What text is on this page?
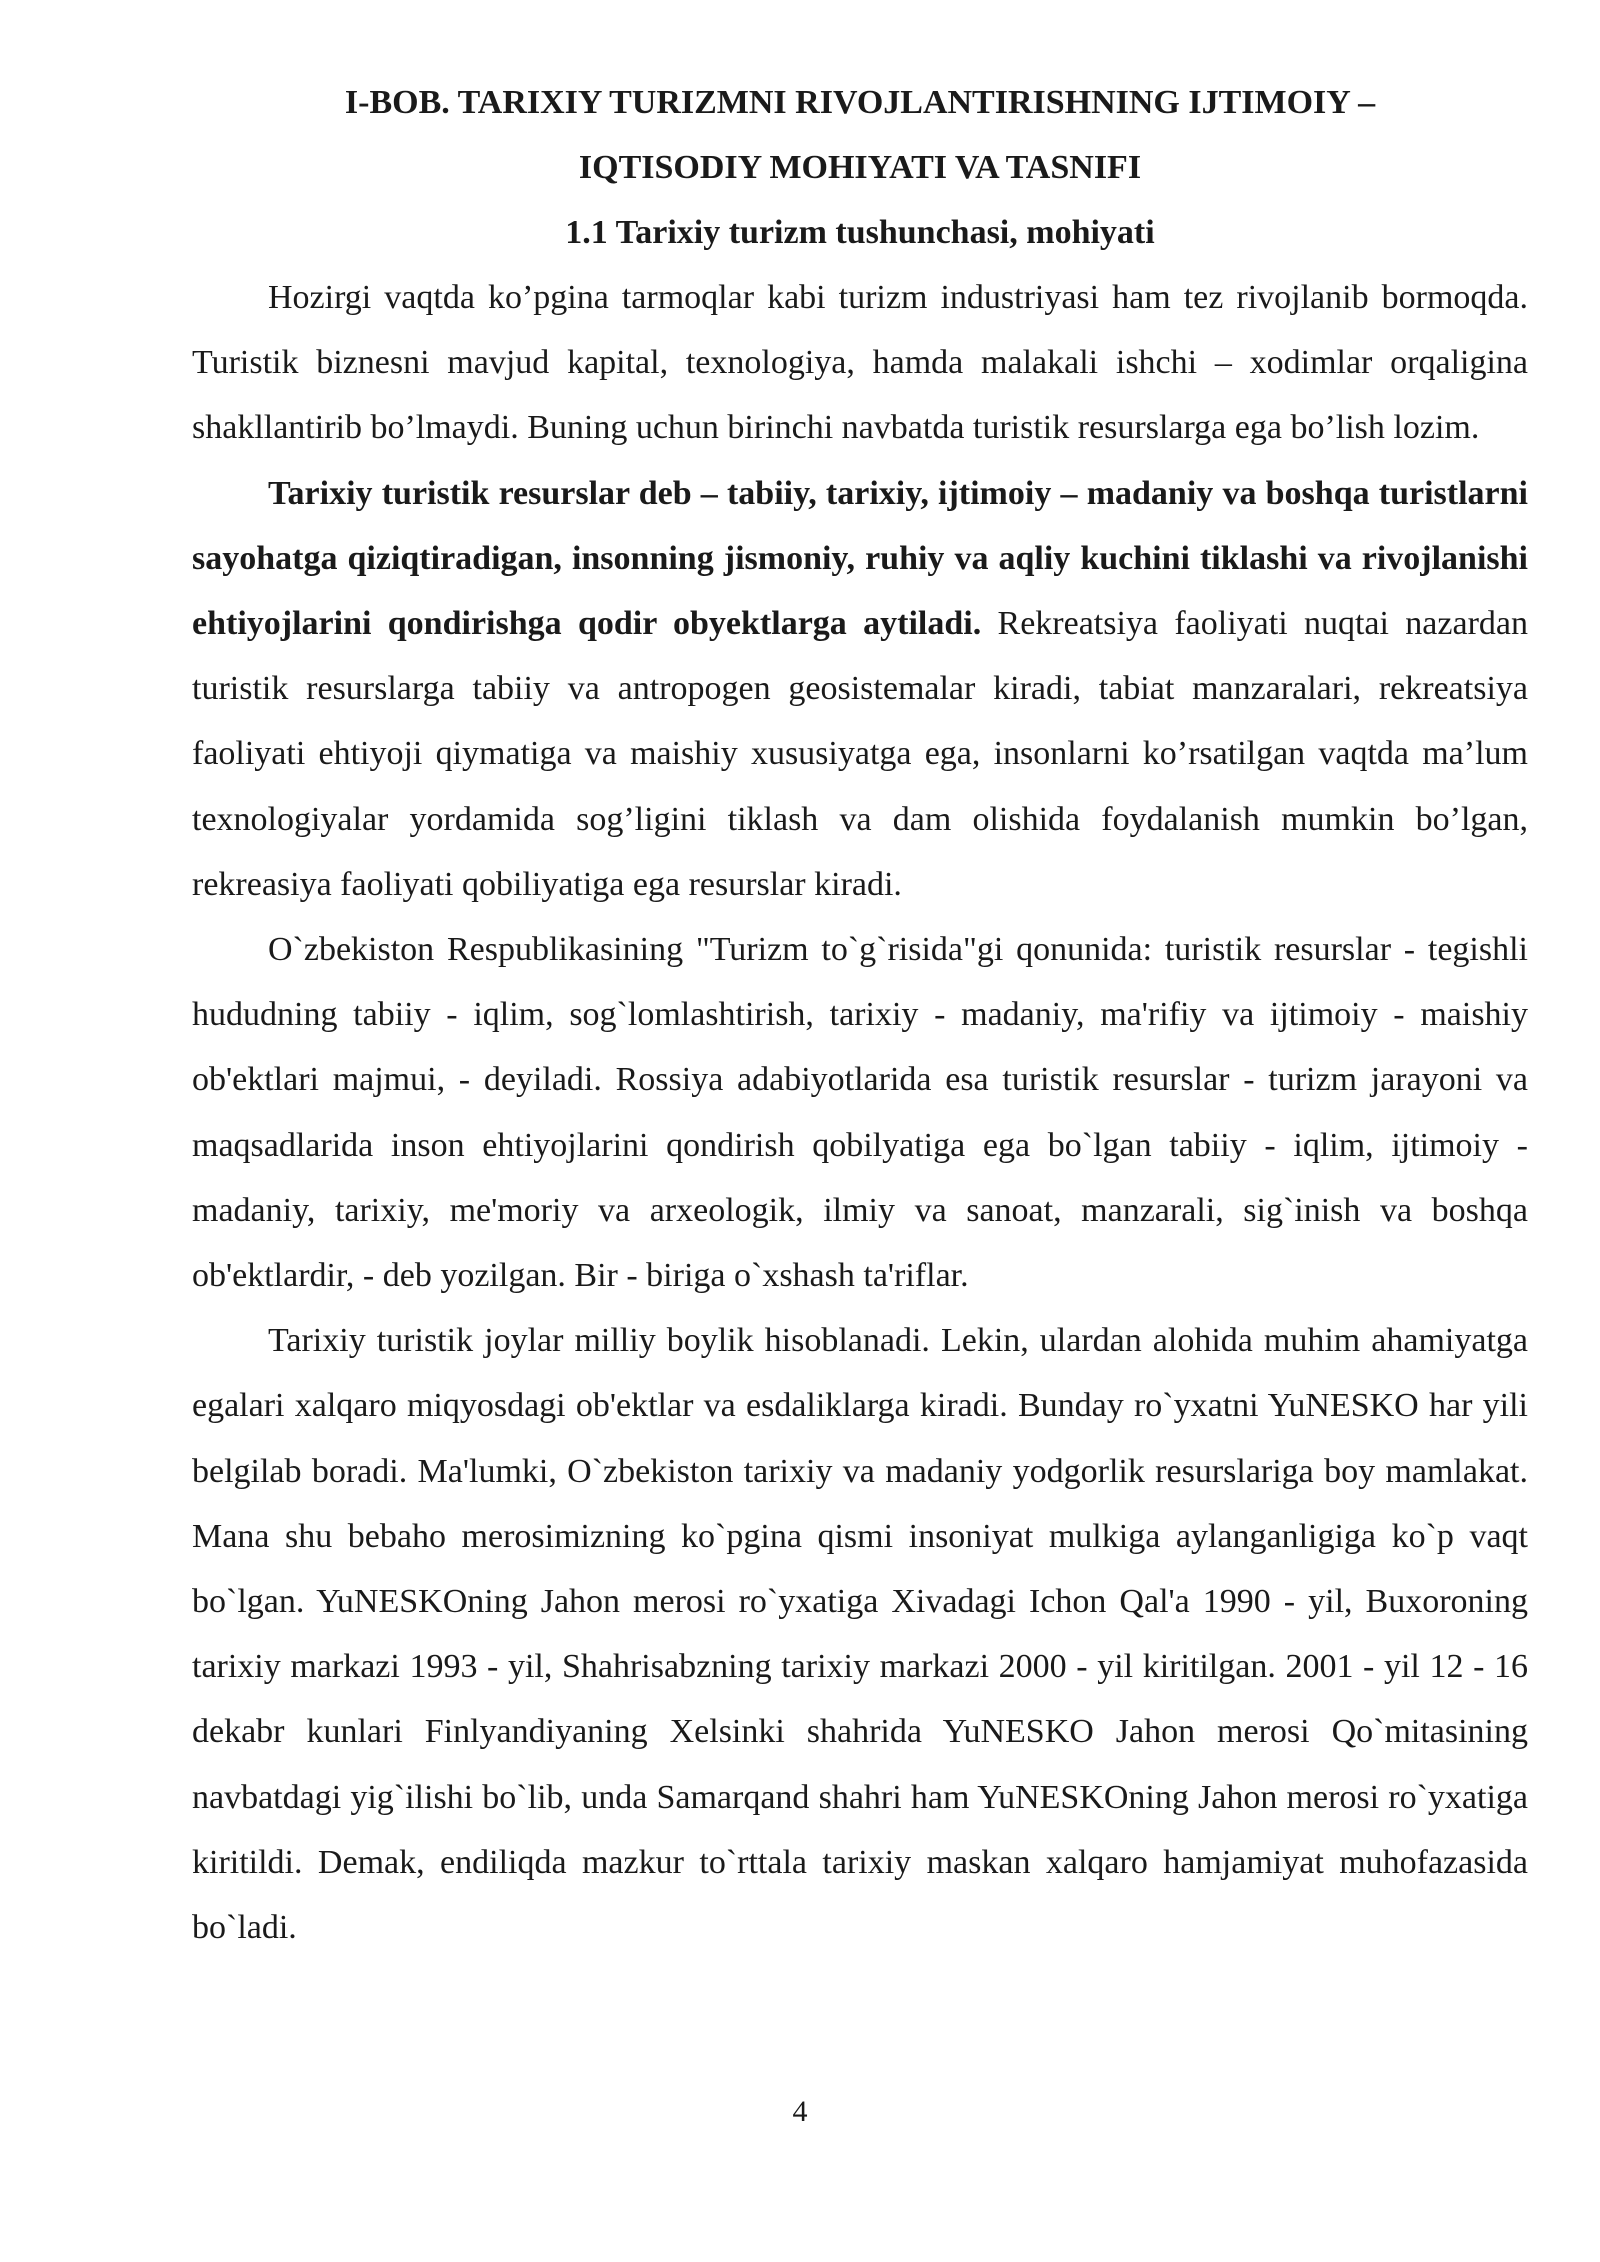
I-BOB. TARIXIY TURIZMNI RIVOJLANTIRISHNING IJTIMOIY –

IQTISODIY MOHIYATI VA TASNIFI

1.1 Tarixiy turizm tushunchasi, mohiyati

Hozirgi vaqtda ko’pgina tarmoqlar kabi turizm industriyasi ham tez rivojlanib bormoqda. Turistik biznesni mavjud kapital, texnologiya, hamda malakali ishchi – xodimlar orqaligina shakllantirib bo’lmaydi. Buning uchun birinchi navbatda turistik resurslarga ega bo’lish lozim.

Tarixiy turistik resurslar deb – tabiiy, tarixiy, ijtimoiy – madaniy va boshqa turistlarni sayohatga qiziqtiradigan, insonning jismoniy, ruhiy va aqliy kuchini tiklashi va rivojlanishi ehtiyojlarini qondirishga qodir obyektlarga aytiladi. Rekreatsiya faoliyati nuqtai nazardan turistik resurslarga tabiiy va antropogen geosistemalar kiradi, tabiat manzaralari, rekreatsiya faoliyati ehtiyoji qiymatiga va maishiy xususiyatga ega, insonlarni ko’rsatilgan vaqtda ma’lum texnologiyalar yordamida sog’ligini tiklash va dam olishida foydalanish mumkin bo’lgan, rekreasiya faoliyati qobiliyatiga ega resurslar kiradi.

O`zbekiston Respublikasining "Turizm to`g`risida"gi qonunida: turistik resurslar - tegishli hududning tabiiy - iqlim, sog`lomlashtirish, tarixiy - madaniy, ma'rifiy va ijtimoiy - maishiy ob'ektlari majmui, - deyiladi. Rossiya adabiyotlarida esa turistik resurslar - turizm jarayoni va maqsadlarida inson ehtiyojlarini qondirish qobilyatiga ega bo`lgan tabiiy - iqlim, ijtimoiy - madaniy, tarixiy, me'moriy va arxeologik, ilmiy va sanoat, manzarali, sig`inish va boshqa ob'ektlardir, - deb yozilgan. Bir - biriga o`xshash ta'riflar.

Tarixiy turistik joylar milliy boylik hisoblanadi. Lekin, ulardan alohida muhim ahamiyatga egalari xalqaro miqyosdagi ob'ektlar va esdaliklarga kiradi. Bunday ro`yxatni YuNESKO har yili belgilab boradi. Ma'lumki, O`zbekiston tarixiy va madaniy yodgorlik resurslariga boy mamlakat. Mana shu bebaho merosimizning ko`pgina qismi insoniyat mulkiga aylanganligiga ko`p vaqt bo`lgan. YuNESKOning Jahon merosi ro`yxatiga Xivadagi Ichon Qal'a 1990 - yil, Buxoroning tarixiy markazi 1993 - yil, Shahrisabzning tarixiy markazi 2000 - yil kiritilgan. 2001 - yil 12 - 16 dekabr kunlari Finlyandiyaning Xelsinki shahrida YuNESKO Jahon merosi Qo`mitasining navbatdagi yig`ilishi bo`lib, unda Samarqand shahri ham YuNESKOning Jahon merosi ro`yxatiga kiritildi. Demak, endiliqda mazkur to`rttala tarixiy maskan xalqaro hamjamiyat muhofazasida bo`ladi.

4
